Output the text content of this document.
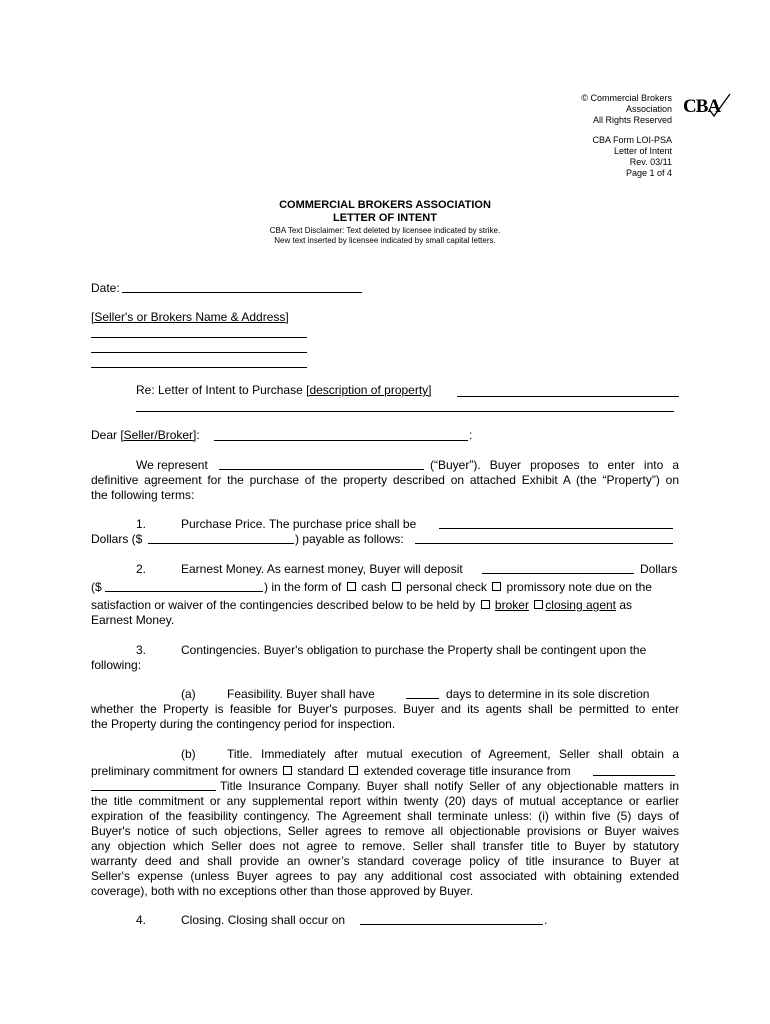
© Commercial Brokers
Association
All Rights Reserved
CBA
CBA Form LOI-PSA
Letter of Intent
Rev. 03/11
Page 1 of 4
COMMERCIAL BROKERS ASSOCIATION
LETTER OF INTENT
CBA Text Disclaimer: Text deleted by licensee indicated by strike.
New text inserted by licensee indicated by small capital letters.
Date:
[Seller's or Brokers Name & Address]
Re: Letter of Intent to Purchase [description of property]
Dear [Seller/Broker]:	:
We represent	(“Buyer”). Buyer proposes to enter into a
definitive agreement for the purchase of the property described on attached Exhibit A (the “Property”) on
the following terms:
1.	Purchase Price. The purchase price shall be
Dollars ($	) payable as follows:
2.	Earnest Money. As earnest money, Buyer will deposit	Dollars
($	) in the form of cash personal check promissory note due on the
satisfaction or waiver of the contingencies described below to be held by broker closing agent as
Earnest Money.
3.	Contingencies. Buyer's obligation to purchase the Property shall be contingent upon the
following:
(a)	Feasibility. Buyer shall have	days to determine in its sole discretion
whether the Property is feasible for Buyer's purposes. Buyer and its agents shall be permitted to enter
the Property during the contingency period for inspection.
(b)	Title. Immediately after mutual execution of Agreement, Seller shall obtain a
preliminary commitment for owners standard extended coverage title insurance from
Title Insurance Company. Buyer shall notify Seller of any objectionable matters in
the title commitment or any supplemental report within twenty (20) days of mutual acceptance or earlier
expiration of the feasibility contingency. The Agreement shall terminate unless: (i) within five (5) days of
Buyer's notice of such objections, Seller agrees to remove all objectionable provisions or Buyer waives
any objection which Seller does not agree to remove. Seller shall transfer title to Buyer by statutory
warranty deed and shall provide an owner’s standard coverage policy of title insurance to Buyer at
Seller's expense (unless Buyer agrees to pay any additional cost associated with obtaining extended
coverage), both with no exceptions other than those approved by Buyer.
4.	Closing. Closing shall occur on	.
